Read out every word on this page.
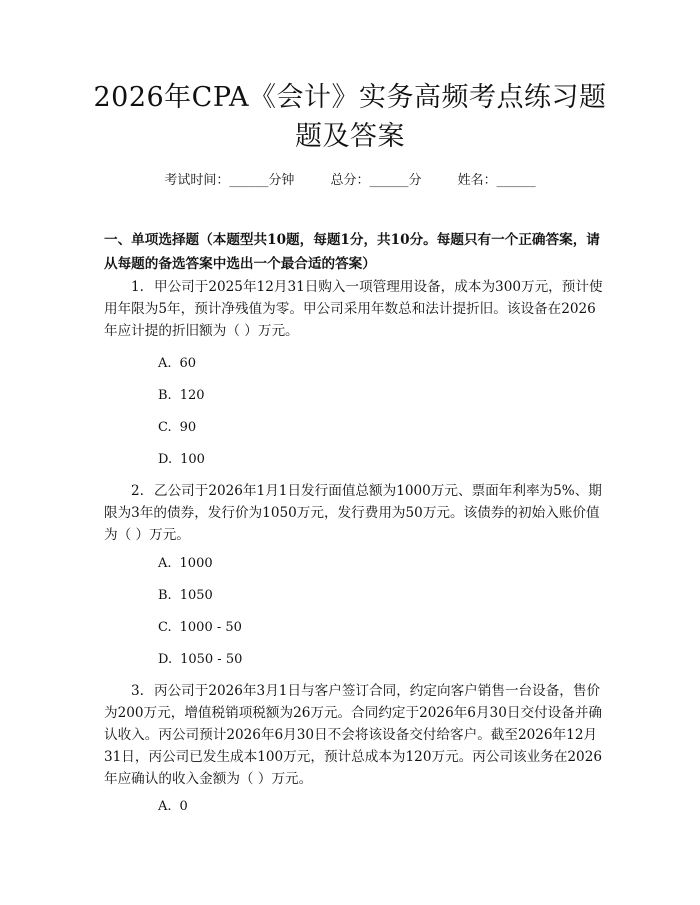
2026年CPA《会计》实务高频考点练习题题及答案
考试时间：______分钟	总分：______分	姓名：______

一、单项选择题（本题型共10题，每题1分，共10分。每题只有一个正确答案，请从每题的备选答案中选出一个最合适的答案）

1. 甲公司于2025年12月31日购入一项管理用设备，成本为300万元，预计使用年限为5年，预计净残值为零。甲公司采用年数总和法计提折旧。该设备在2026年应计提的折旧额为（ ）万元。

A. 60
B. 120
C. 90
D. 100

2. 乙公司于2026年1月1日发行面值总额为1000万元、票面年利率为5%、期限为3年的债券，发行价为1050万元，发行费用为50万元。该债券的初始入账价值为（ ）万元。

A. 1000
B. 1050
C. 1000 - 50
D. 1050 - 50

3. 丙公司于2026年3月1日与客户签订合同，约定向客户销售一台设备，售价为200万元，增值税销项税额为26万元。合同约定于2026年6月30日交付设备并确认收入。丙公司预计2026年6月30日不会将该设备交付给客户。截至2026年12月31日，丙公司已发生成本100万元，预计总成本为120万元。丙公司该业务在2026年应确认的收入金额为（ ）万元。

A. 0
